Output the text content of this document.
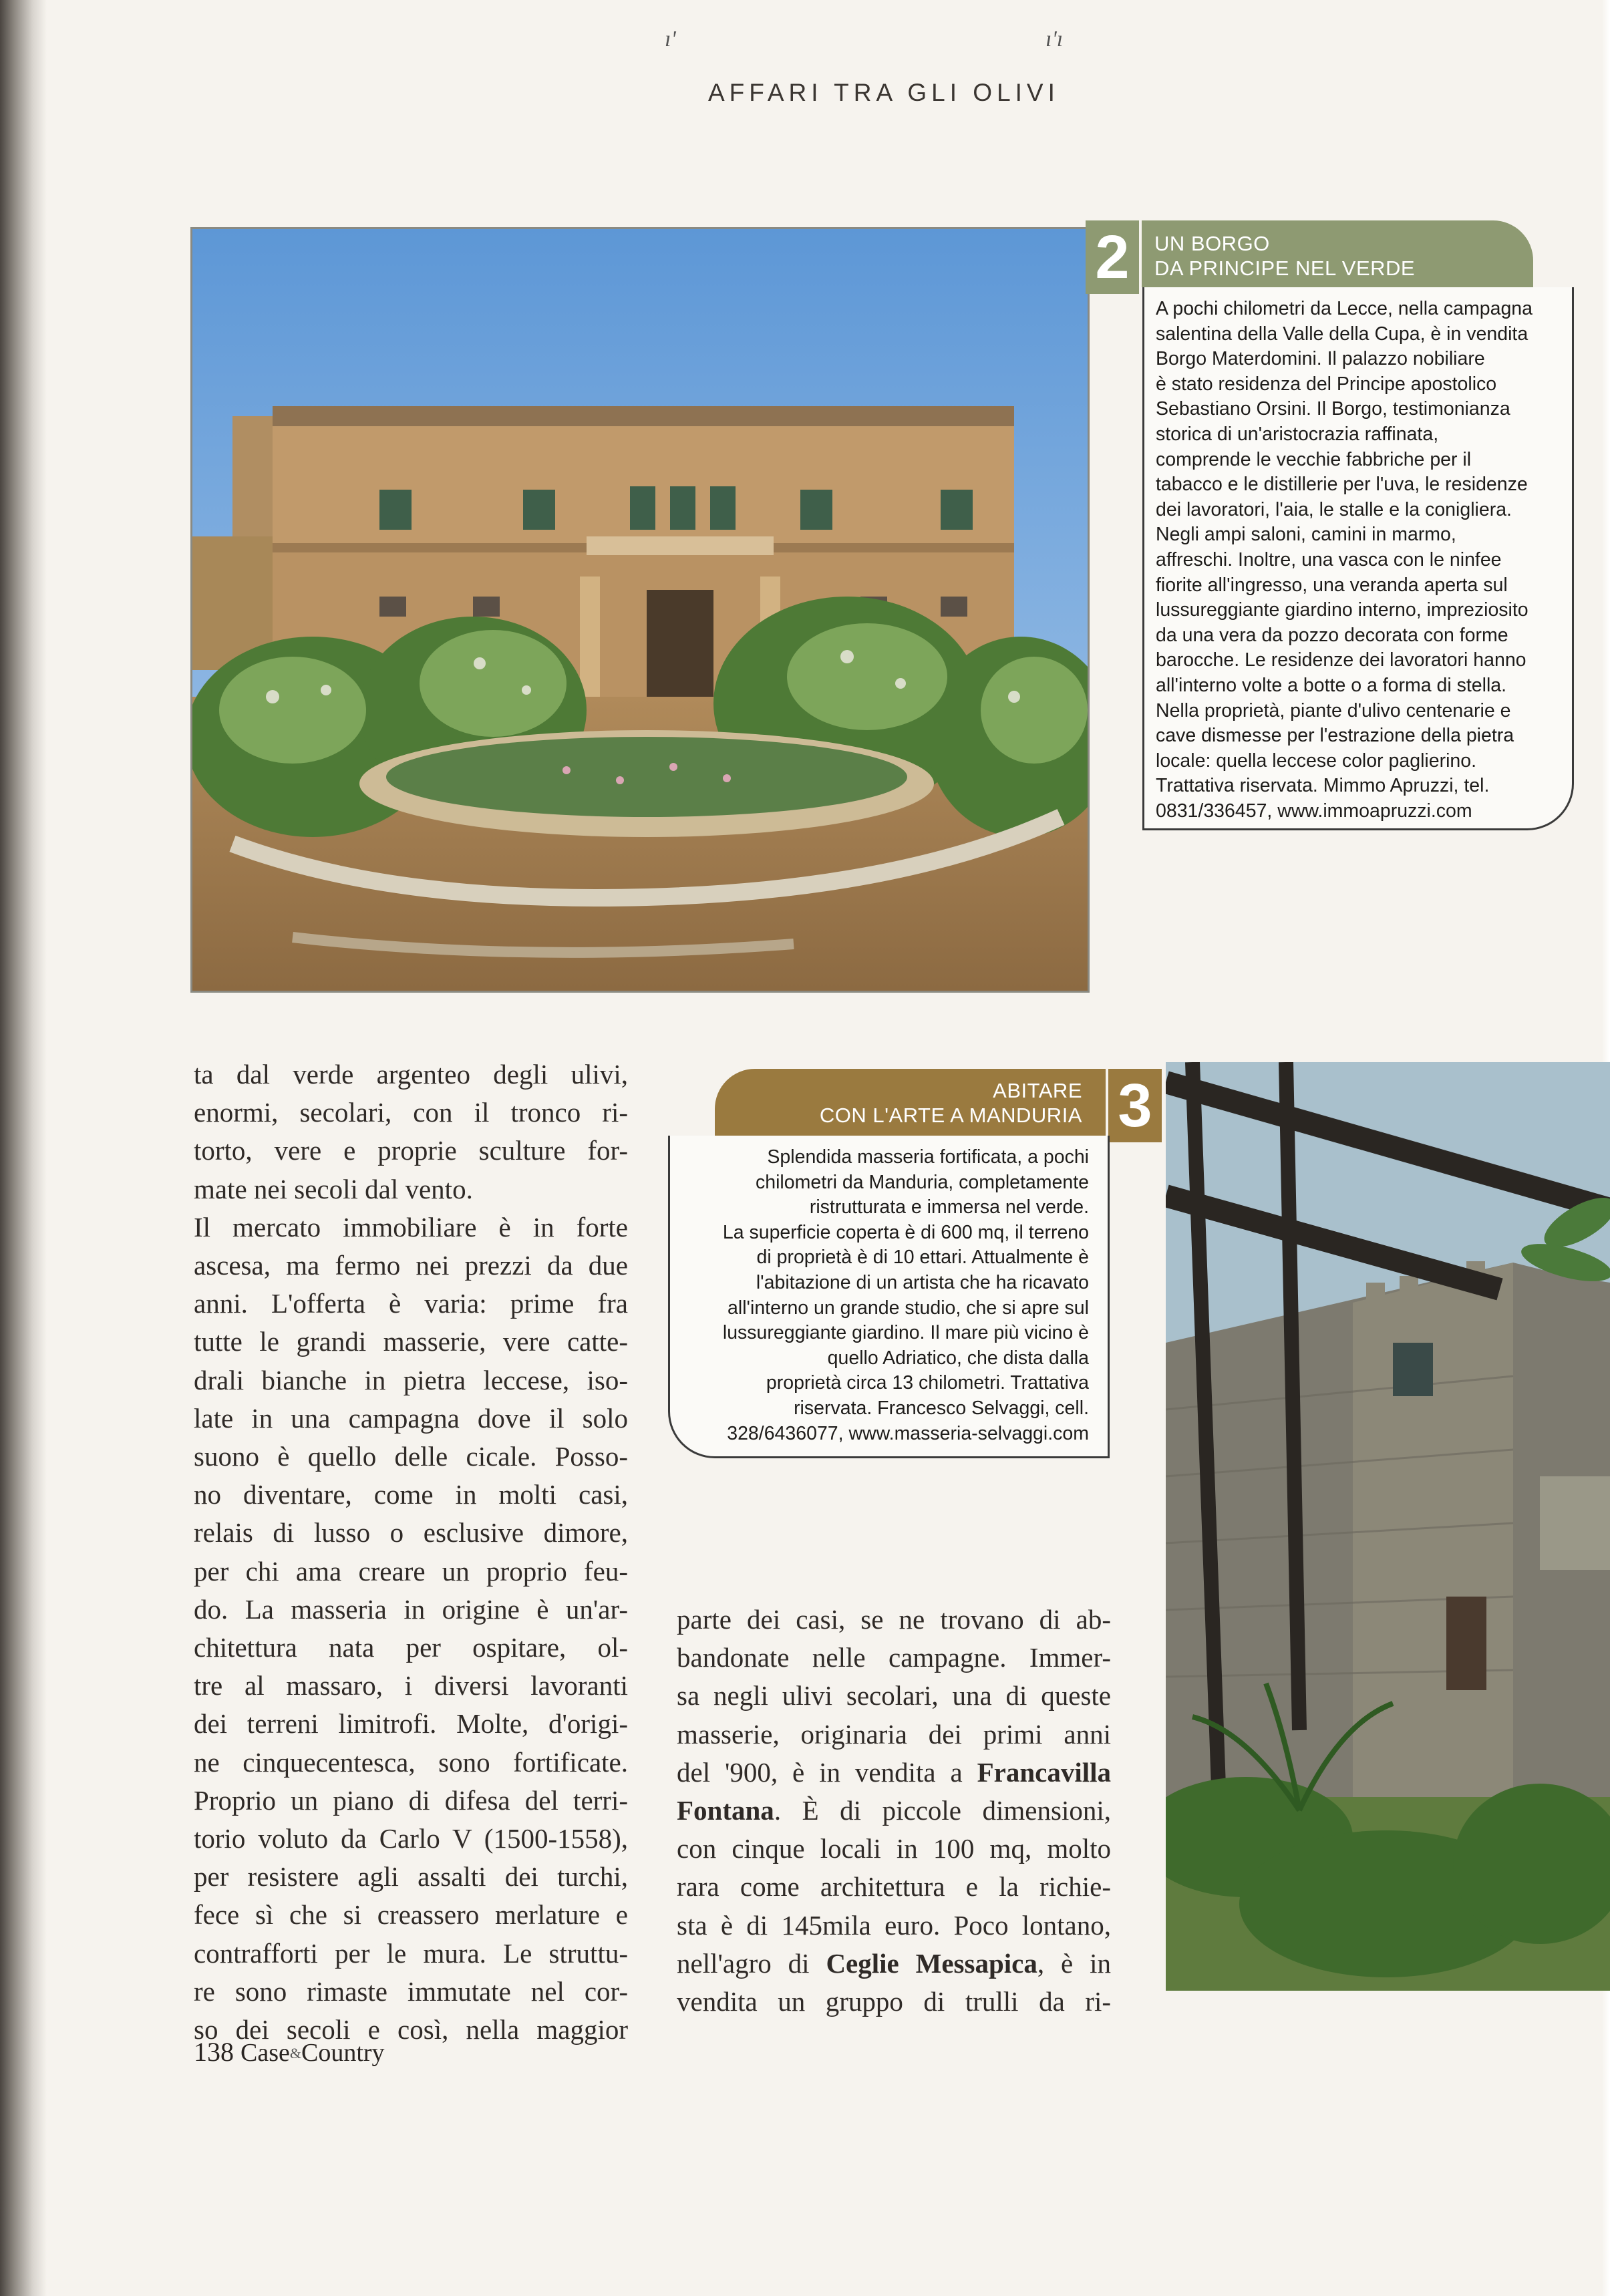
ı'	ı'ı
AFFARI TRA GLI OLIVI
2	UN BORGO
DA PRINCIPE NEL VERDE
A pochi chilometri da Lecce, nella campagna
salentina della Valle della Cupa, è in vendita
Borgo Materdomini. Il palazzo nobiliare
è stato residenza del Principe apostolico
Sebastiano Orsini. Il Borgo, testimonianza
storica di un'aristocrazia raffinata,
comprende le vecchie fabbriche per il
tabacco e le distillerie per l'uva, le residenze
dei lavoratori, l'aia, le stalle e la conigliera.
Negli ampi saloni, camini in marmo,
affreschi. Inoltre, una vasca con le ninfee
fiorite all'ingresso, una veranda aperta sul
lussureggiante giardino interno, impreziosito
da una vera da pozzo decorata con forme
barocche. Le residenze dei lavoratori hanno
all'interno volte a botte o a forma di stella.
Nella proprietà, piante d'ulivo centenarie e
cave dismesse per l'estrazione della pietra
locale: quella leccese color paglierino.
Trattativa riservata. Mimmo Apruzzi, tel.
0831/336457, www.immoapruzzi.com
3
ABITARE
CON L'ARTE A MANDURIA
Splendida masseria fortificata, a pochi
chilometri da Manduria, completamente
ristrutturata e immersa nel verde.
La superficie coperta è di 600 mq, il terreno
di proprietà è di 10 ettari. Attualmente è
l'abitazione di un artista che ha ricavato
all'interno un grande studio, che si apre sul
lussureggiante giardino. Il mare più vicino è
quello Adriatico, che dista dalla
proprietà circa 13 chilometri. Trattativa
riservata. Francesco Selvaggi, cell.
328/6436077, www.masseria-selvaggi.com
ta dal verde argenteo degli ulivi,
enormi, secolari, con il tronco ri-
torto, vere e proprie sculture for-
mate nei secoli dal vento.
Il mercato immobiliare è in forte
ascesa, ma fermo nei prezzi da due
anni. L'offerta è varia: prime fra
tutte le grandi masserie, vere catte-
drali bianche in pietra leccese, iso-
late in una campagna dove il solo
suono è quello delle cicale. Posso-
no diventare, come in molti casi,
relais di lusso o esclusive dimore,
per chi ama creare un proprio feu-
do. La masseria in origine è un'ar-
chitettura nata per ospitare, ol-
tre al massaro, i diversi lavoranti
dei terreni limitrofi. Molte, d'origi-
ne cinquecentesca, sono fortificate.
Proprio un piano di difesa del terri-
torio voluto da Carlo V (1500-1558),
per resistere agli assalti dei turchi,
fece sì che si creassero merlature e
contrafforti per le mura. Le struttu-
re sono rimaste immutate nel cor-
so dei secoli e così, nella maggior
parte dei casi, se ne trovano di ab-
bandonate nelle campagne. Immer-
sa negli ulivi secolari, una di queste
masserie, originaria dei primi anni
del '900, è in vendita a Francavilla
Fontana. È di piccole dimensioni,
con cinque locali in 100 mq, molto
rara come architettura e la richie-
sta è di 145mila euro. Poco lontano,
nell'agro di Ceglie Messapica, è in
vendita un gruppo di trulli da ri-
138 Case&Country
